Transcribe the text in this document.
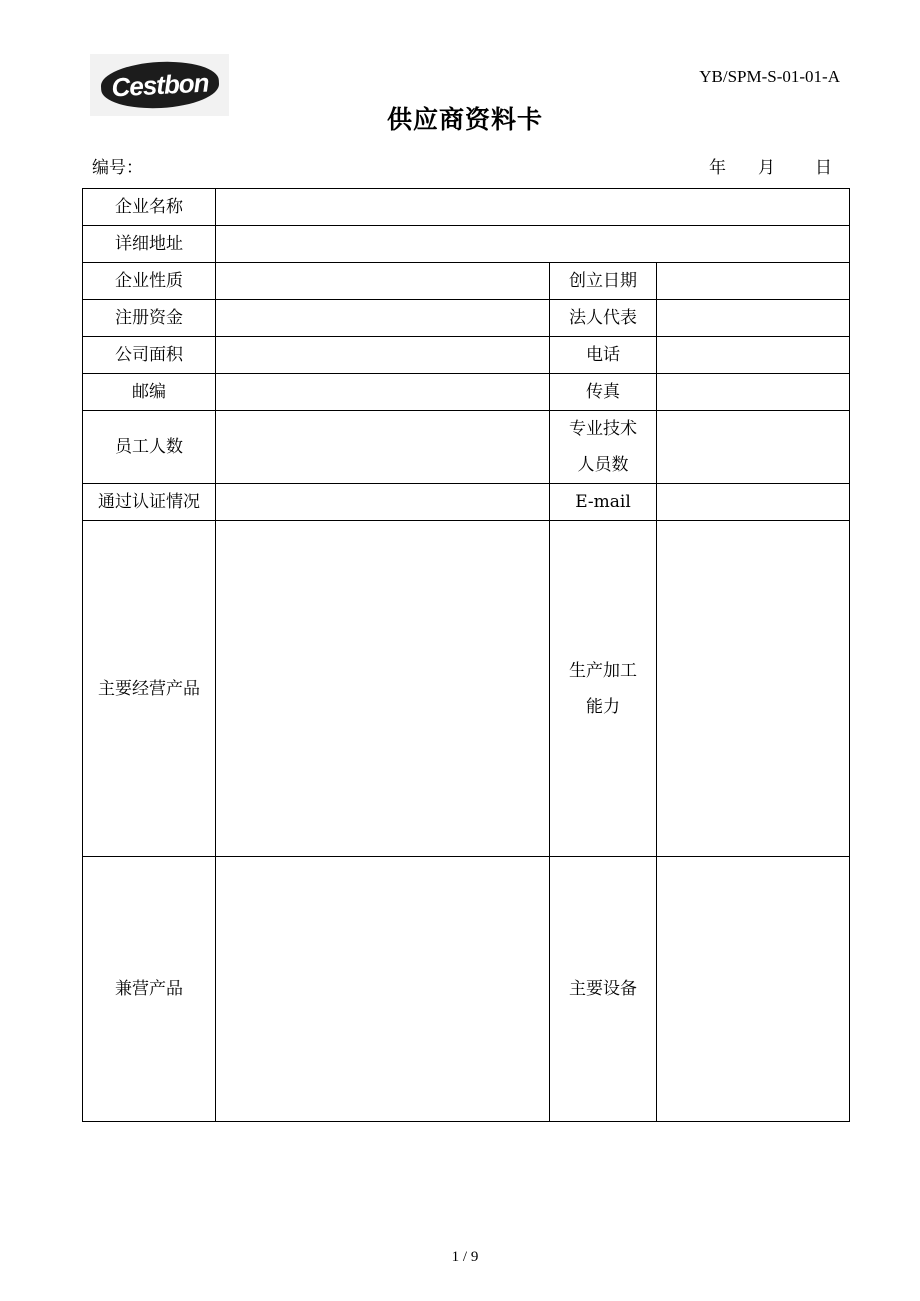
Cestbon	YB/SPM-S-01-01-A
供应商资料卡
编号：	年 月 日
企业名称			
详细地址			
企业性质		创立日期	
注册资金		法人代表	
公司面积		电话	
邮编		传真	
员工人数		专业技术
人员数	

通过认证情况		E-mail	
主要经营产品		生产加工
能力	

兼营产品		主要设备	
1 / 9
